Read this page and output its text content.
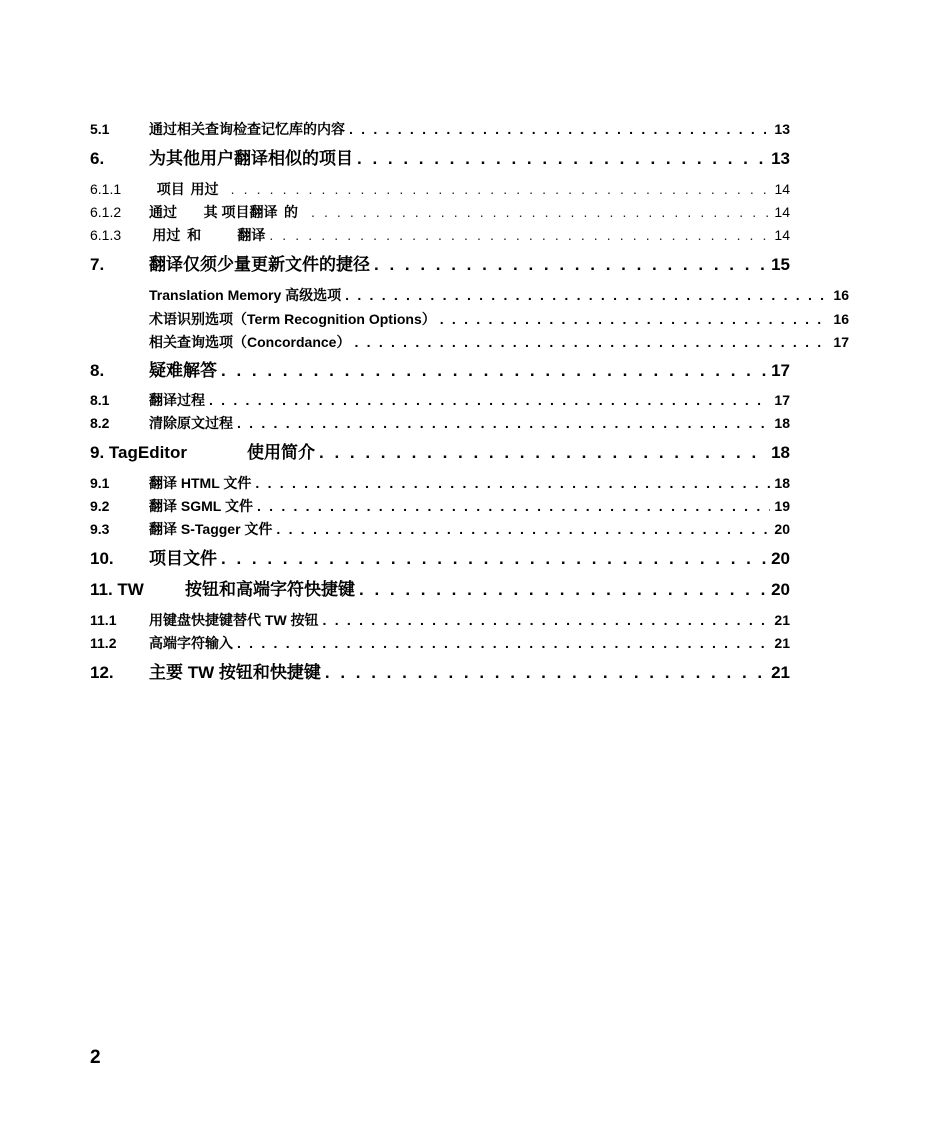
5.1	通过相关查询检查记忆库的内容 . . .	13
6.	为其他用户翻译相似的项目 . . .	13
6.1.1	项目 用过 . . .	14
6.1.2	通过 其 项目翻译 的 . . .	14
6.1.3	用过 和	翻译 . . .	14
7.	翻译仅须少量更新文件的捷径 . . .	15
Translation Memory 高级选项 . . .	16
术语识别选项（Term Recognition Options） . . .	16
相关查询选项（Concordance） . . .	17
8.	疑难解答 . . .	17
8.1	翻译过程 . . .	17
8.2	清除原文过程 . . .	18
9. TagEditor	使用简介 . . .	18
9.1	翻译 HTML 文件 . . .	18
9.2	翻译 SGML 文件 . . .	19
9.3	翻译 S-Tagger 文件 . . .	20
10.	项目文件 . . .	20
11. TW	按钮和高端字符快捷键 . . .	20
11.1	用键盘快捷键替代 TW 按钮 . . .	21
11.2	高端字符输入 . . .	21
12.	主要 TW 按钮和快捷键 . . .	21
2
